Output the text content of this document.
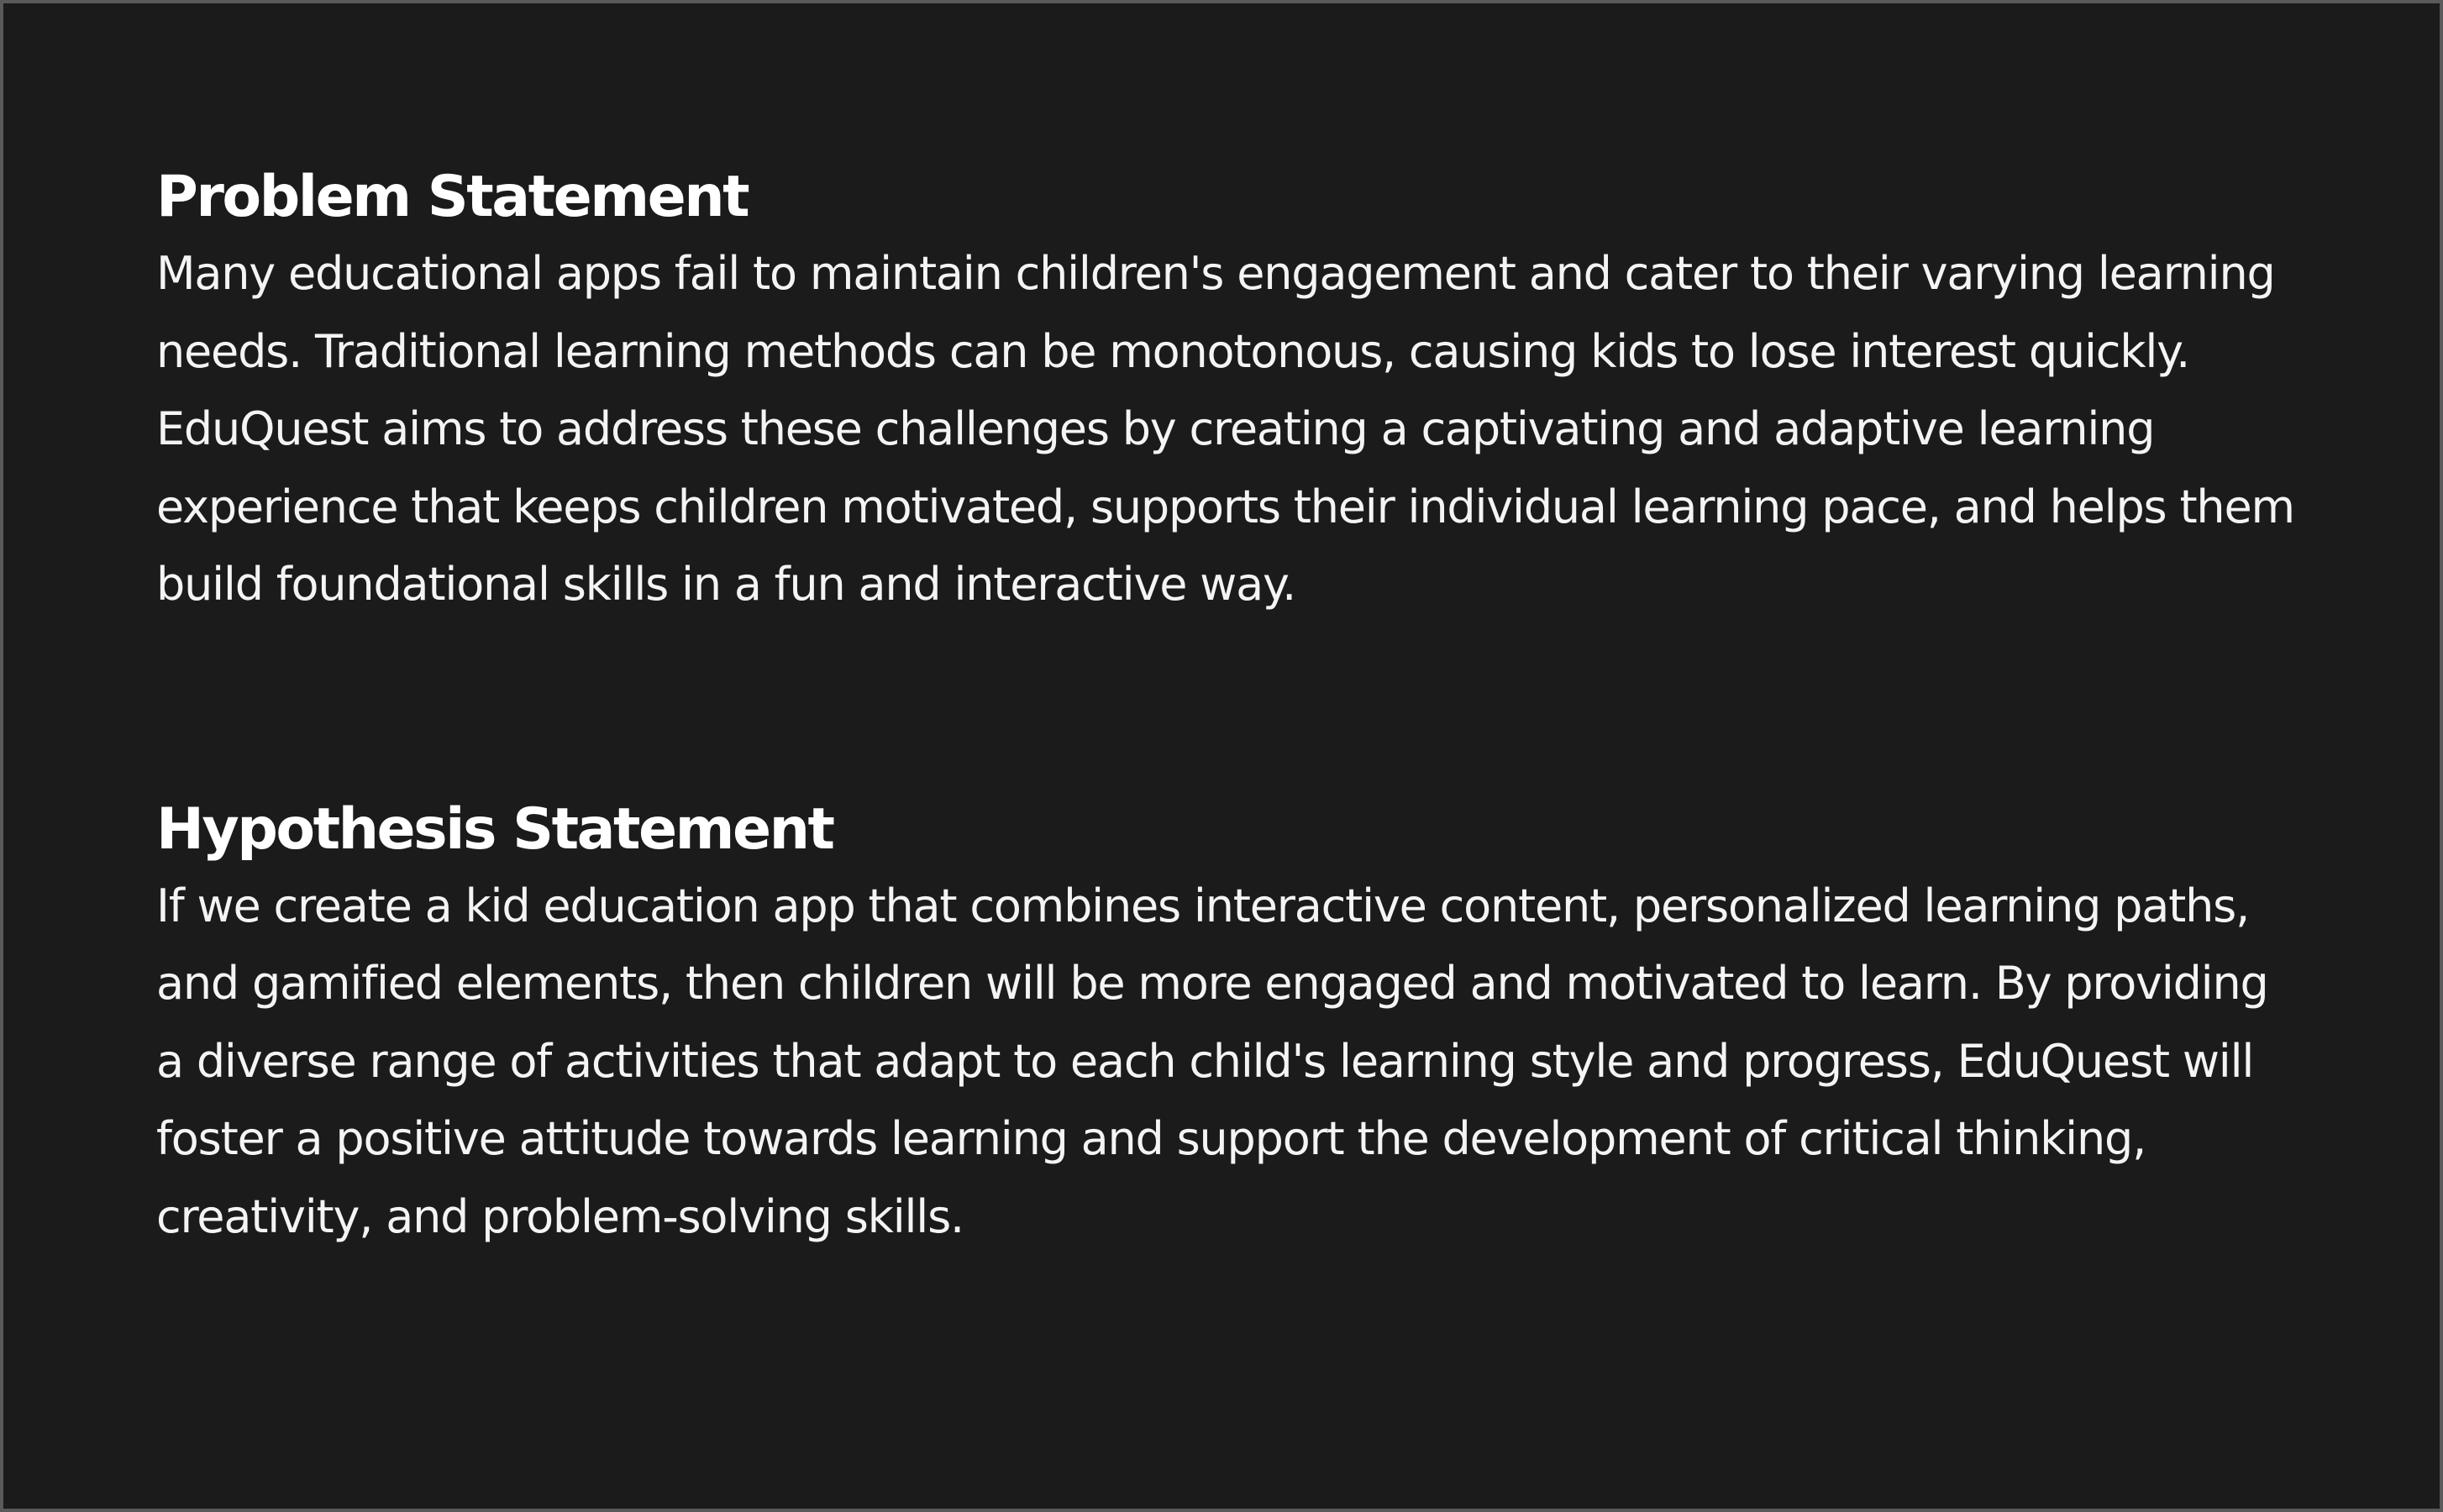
Problem Statement

Many educational apps fail to maintain children's engagement and cater to their varying learning needs. Traditional learning methods can be monotonous, causing kids to lose interest quickly. EduQuest aims to address these challenges by creating a captivating and adaptive learning experience that keeps children motivated, supports their individual learning pace, and helps them build foundational skills in a fun and interactive way.

Hypothesis Statement

If we create a kid education app that combines interactive content, personalized learning paths, and gamified elements, then children will be more engaged and motivated to learn. By providing a diverse range of activities that adapt to each child's learning style and progress, EduQuest will foster a positive attitude towards learning and support the development of critical thinking, creativity, and problem-solving skills.
